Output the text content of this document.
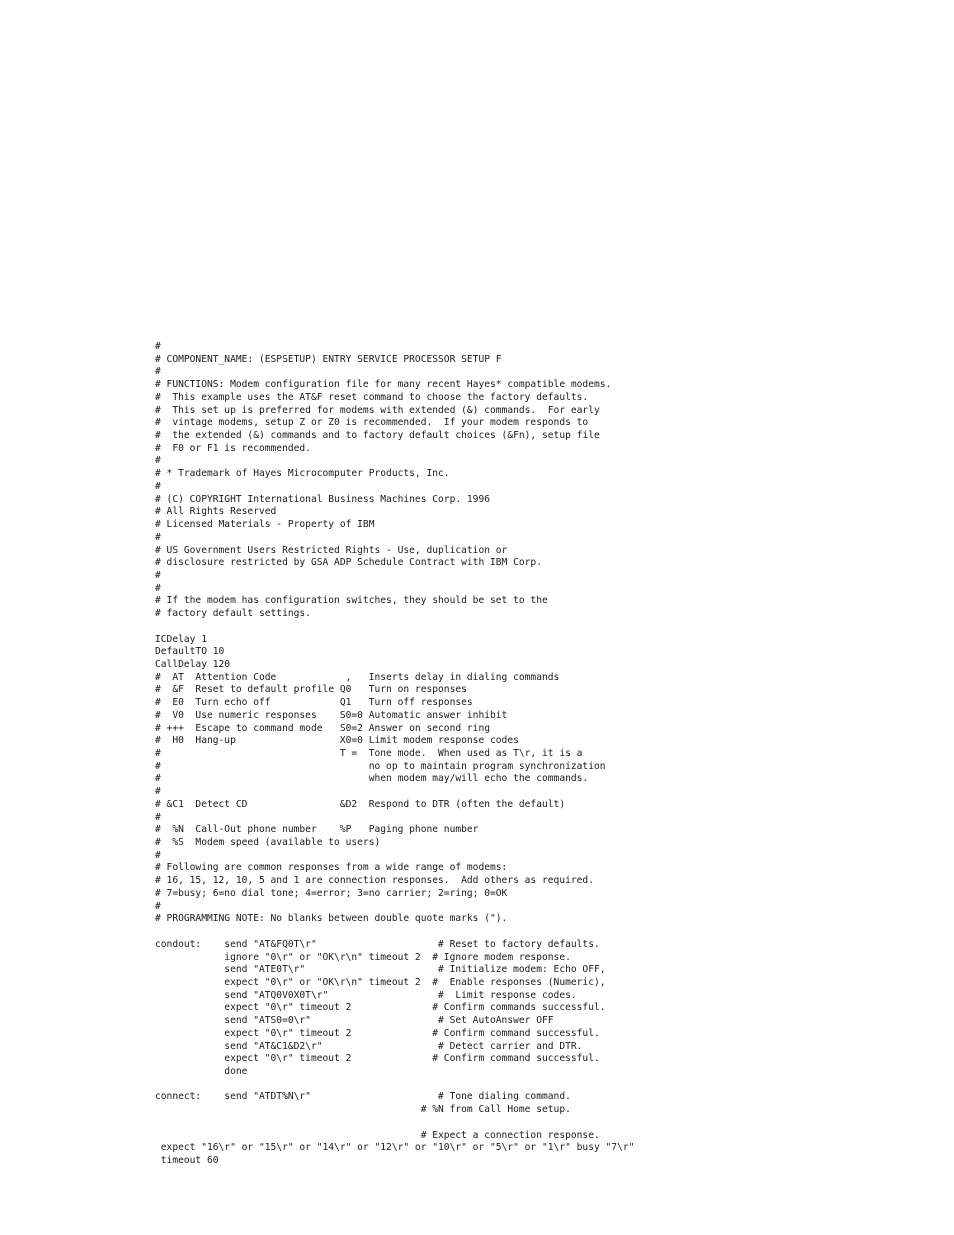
#
# COMPONENT_NAME: (ESPSETUP) ENTRY SERVICE PROCESSOR SETUP F
#
# FUNCTIONS: Modem configuration file for many recent Hayes* compatible modems.
#  This example uses the AT&F reset command to choose the factory defaults.
#  This set up is preferred for modems with extended (&) commands.  For early
#  vintage modems, setup Z or Z0 is recommended.  If your modem responds to
#  the extended (&) commands and to factory default choices (&Fn), setup file
#  F0 or F1 is recommended.
#
# * Trademark of Hayes Microcomputer Products, Inc.
#
# (C) COPYRIGHT International Business Machines Corp. 1996
# All Rights Reserved
# Licensed Materials - Property of IBM
#
# US Government Users Restricted Rights - Use, duplication or
# disclosure restricted by GSA ADP Schedule Contract with IBM Corp.
#
#
# If the modem has configuration switches, they should be set to the
# factory default settings.
ICDelay 1
DefaultTO 10
CallDelay 120
#  AT  Attention Code            ,   Inserts delay in dialing commands
#  &F  Reset to default profile Q0   Turn on responses
#  E0  Turn echo off            Q1   Turn off responses
#  V0  Use numeric responses    S0=0 Automatic answer inhibit
# +++  Escape to command mode   S0=2 Answer on second ring
#  H0  Hang-up                  X0=0 Limit modem response codes
#                               T =  Tone mode.  When used as T\r, it is a
#                                    no op to maintain program synchronization
#                                    when modem may/will echo the commands.
#
# &C1  Detect CD                &D2  Respond to DTR (often the default)
#
#  %N  Call-Out phone number    %P   Paging phone number
#  %S  Modem speed (available to users)
#
# Following are common responses from a wide range of modems:
# 16, 15, 12, 10, 5 and 1 are connection responses.  Add others as required.
# 7=busy; 6=no dial tone; 4=error; 3=no carrier; 2=ring; 0=OK
#
# PROGRAMMING NOTE: No blanks between double quote marks (").
condout:    send "AT&FQ0T\r"                     # Reset to factory defaults.
ignore "0\r" or "OK\r\n" timeout 2  # Ignore modem response.
send "ATE0T\r"                       # Initialize modem: Echo OFF,
expect "0\r" or "OK\r\n" timeout 2  #  Enable responses (Numeric),
send "ATQ0V0X0T\r"                   #  Limit response codes.
expect "0\r" timeout 2              # Confirm commands successful.
send "ATS0=0\r"                      # Set AutoAnswer OFF
expect "0\r" timeout 2              # Confirm command successful.
send "AT&C1&D2\r"                    # Detect carrier and DTR.
expect "0\r" timeout 2              # Confirm command successful.
done
connect:    send "ATDT%N\r"                      # Tone dialing command.
# %N from Call Home setup.
# Expect a connection response.
expect "16\r" or "15\r" or "14\r" or "12\r" or "10\r" or "5\r" or "1\r" busy "7\r"
timeout 60
